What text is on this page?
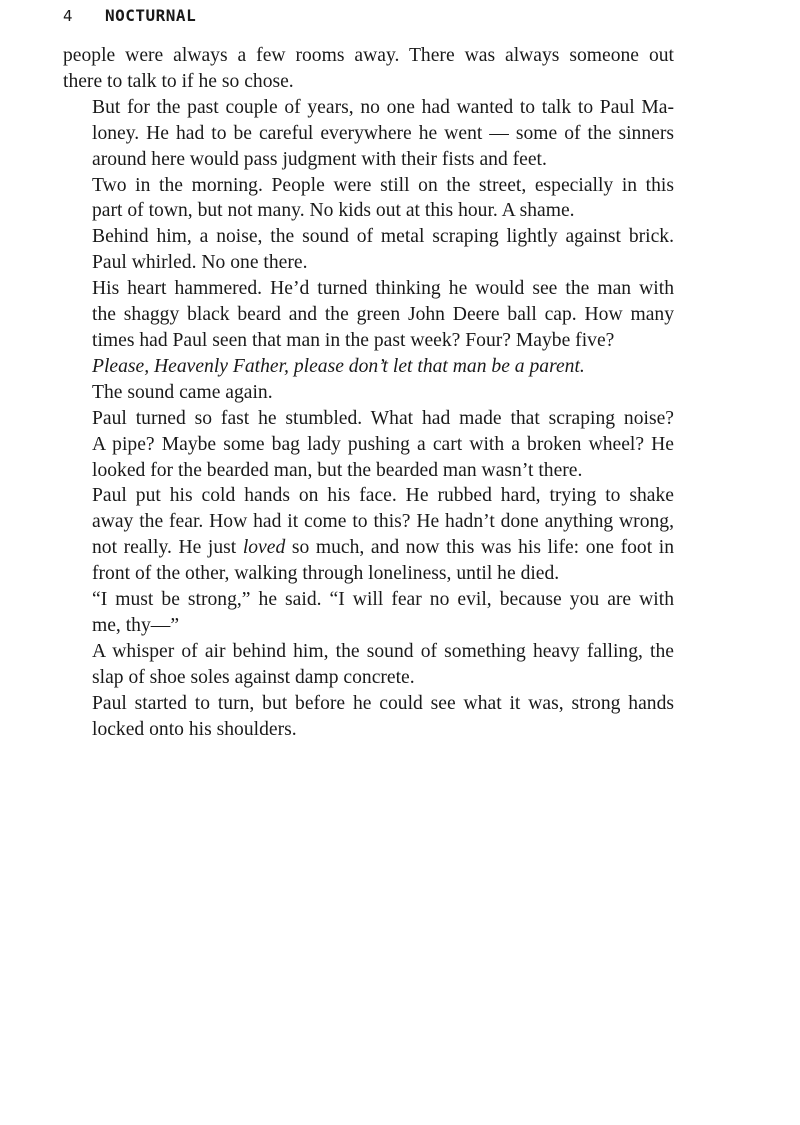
4	NOCTURNAL

people were always a few rooms away. There was always someone out
there to talk to if he so chose.

But for the past couple of years, no one had wanted to talk to Paul Ma-
loney. He had to be careful everywhere he went — some of the sinners
around here would pass judgment with their fists and feet.

Two in the morning. People were still on the street, especially in this
part of town, but not many. No kids out at this hour. A shame.

Behind him, a noise, the sound of metal scraping lightly against brick.

Paul whirled. No one there.

His heart hammered. He’d turned thinking he would see the man with
the shaggy black beard and the green John Deere ball cap. How many
times had Paul seen that man in the past week? Four? Maybe five?

Please, Heavenly Father, please don’t let that man be a parent.

The sound came again.

Paul turned so fast he stumbled. What had made that scraping noise?
A pipe? Maybe some bag lady pushing a cart with a broken wheel? He
looked for the bearded man, but the bearded man wasn’t there.

Paul put his cold hands on his face. He rubbed hard, trying to shake
away the fear. How had it come to this? He hadn’t done anything wrong,
not really. He just loved so much, and now this was his life: one foot in
front of the other, walking through loneliness, until he died.

“I must be strong,” he said. “I will fear no evil, because you are with
me, thy—”

A whisper of air behind him, the sound of something heavy falling, the
slap of shoe soles against damp concrete.

Paul started to turn, but before he could see what it was, strong hands
locked onto his shoulders.
